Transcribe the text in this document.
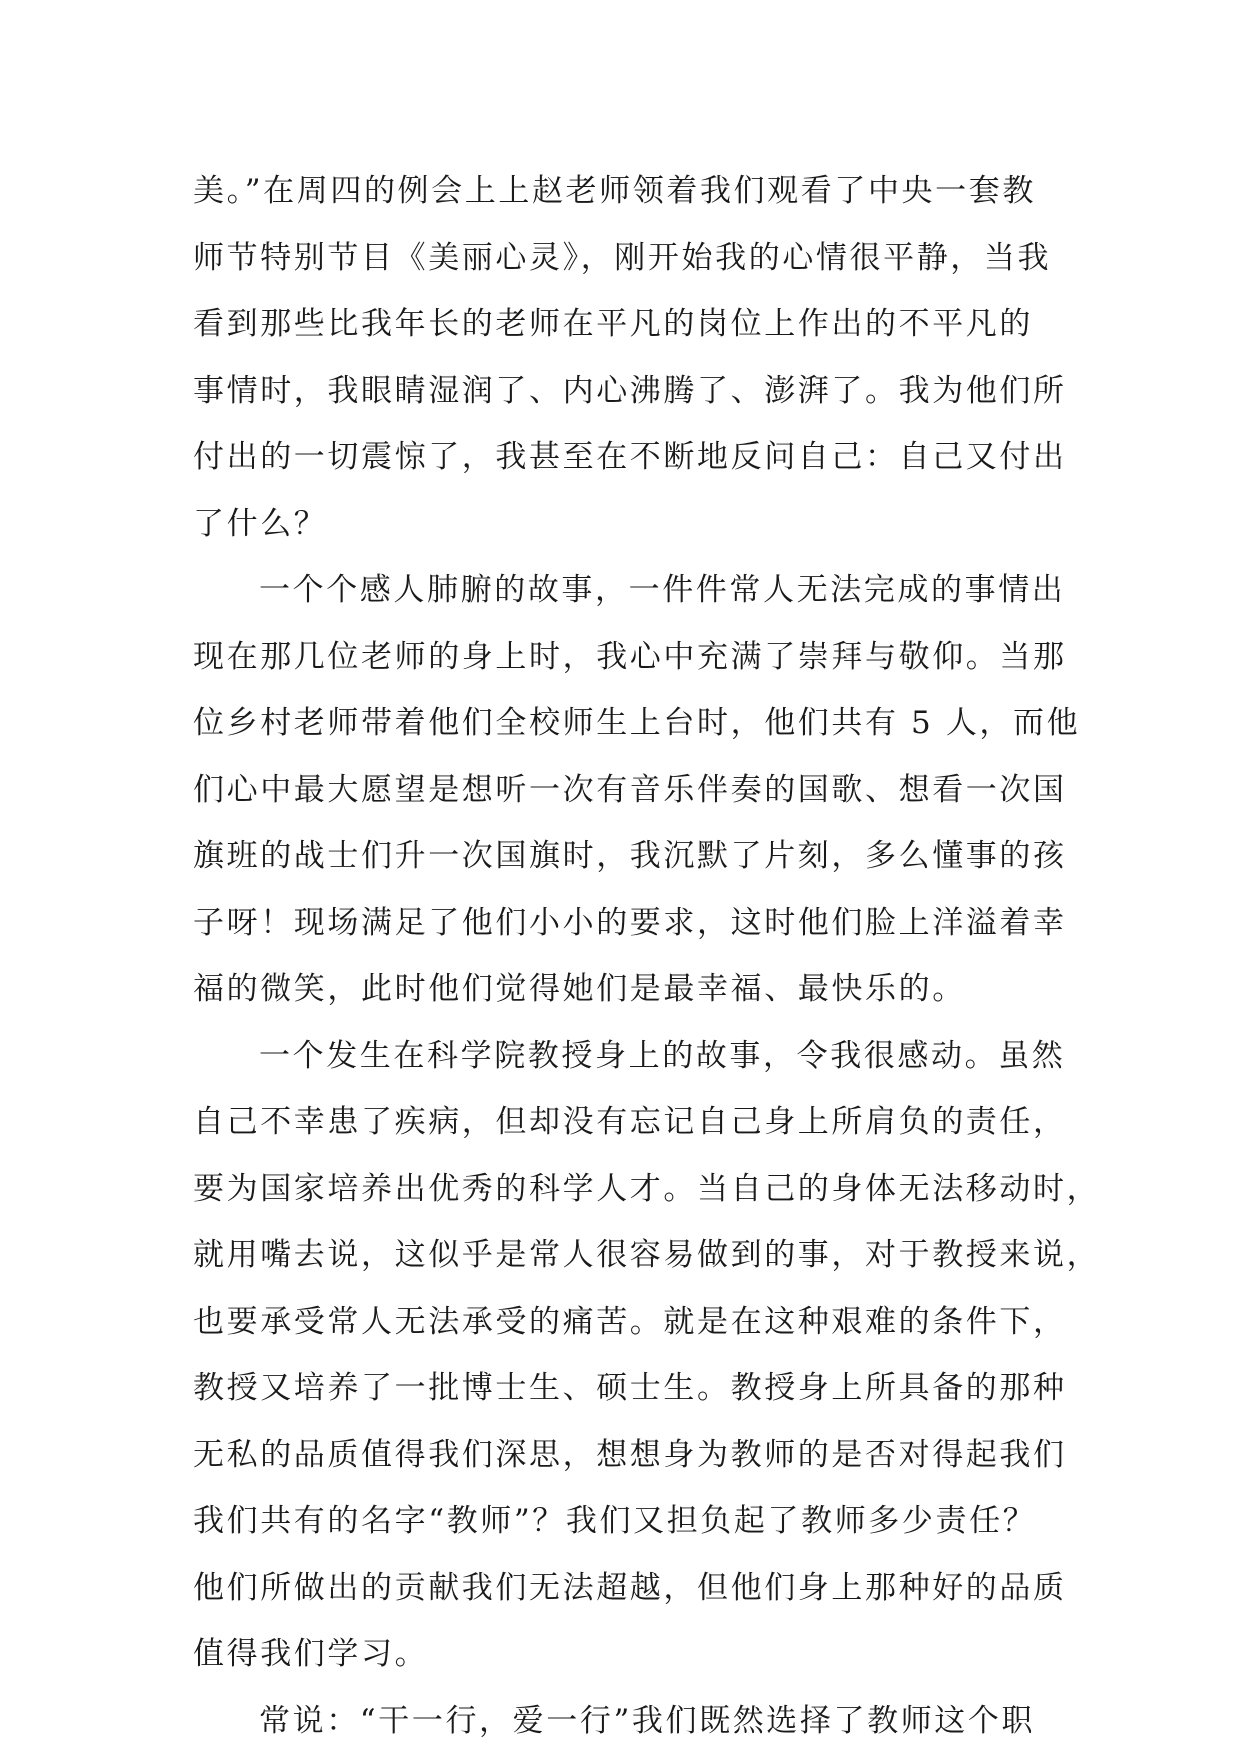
美。”在周四的例会上上赵老师领着我们观看了中央一套教
师节特别节目《美丽心灵》，刚开始我的心情很平静，当我
看到那些比我年长的老师在平凡的岗位上作出的不平凡的
事情时，我眼睛湿润了、内心沸腾了、澎湃了。我为他们所
付出的一切震惊了，我甚至在不断地反问自己：自己又付出
了什么？
一个个感人肺腑的故事，一件件常人无法完成的事情出
现在那几位老师的身上时，我心中充满了崇拜与敬仰。当那
位乡村老师带着他们全校师生上台时，他们共有 5 人，而他
们心中最大愿望是想听一次有音乐伴奏的国歌、想看一次国
旗班的战士们升一次国旗时，我沉默了片刻，多么懂事的孩
子呀！现场满足了他们小小的要求，这时他们脸上洋溢着幸
福的微笑，此时他们觉得她们是最幸福、最快乐的。
一个发生在科学院教授身上的故事，令我很感动。虽然
自己不幸患了疾病，但却没有忘记自己身上所肩负的责任，
要为国家培养出优秀的科学人才。当自己的身体无法移动时，
就用嘴去说，这似乎是常人很容易做到的事，对于教授来说，
也要承受常人无法承受的痛苦。就是在这种艰难的条件下，
教授又培养了一批博士生、硕士生。教授身上所具备的那种
无私的品质值得我们深思，想想身为教师的是否对得起我们
我们共有的名字“教师”？我们又担负起了教师多少责任？
他们所做出的贡献我们无法超越，但他们身上那种好的品质
值得我们学习。
常说：“干一行，爱一行”我们既然选择了教师这个职
